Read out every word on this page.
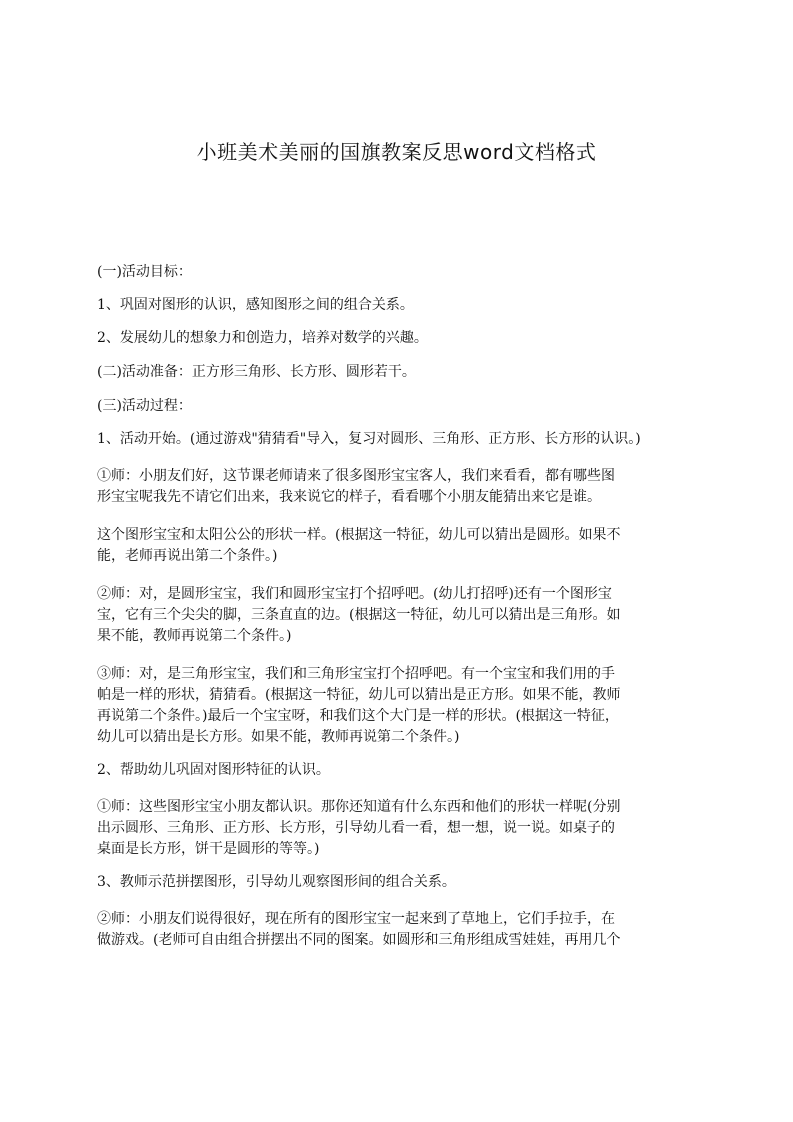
小班美术美丽的国旗教案反思word文档格式

(一)活动目标：

1、巩固对图形的认识，感知图形之间的组合关系。

2、发展幼儿的想象力和创造力，培养对数学的兴趣。

(二)活动准备：正方形三角形、长方形、圆形若干。

(三)活动过程：

1、活动开始。(通过游戏"猜猜看"导入，复习对圆形、三角形、正方形、长方形的认识。)

①师：小朋友们好，这节课老师请来了很多图形宝宝客人，我们来看看，都有哪些图
形宝宝呢我先不请它们出来，我来说它的样子，看看哪个小朋友能猜出来它是谁。

这个图形宝宝和太阳公公的形状一样。(根据这一特征，幼儿可以猜出是圆形。如果不
能，老师再说出第二个条件。)

②师：对，是圆形宝宝，我们和圆形宝宝打个招呼吧。(幼儿打招呼)还有一个图形宝
宝，它有三个尖尖的脚，三条直直的边。(根据这一特征，幼儿可以猜出是三角形。如
果不能，教师再说第二个条件。)

③师：对，是三角形宝宝，我们和三角形宝宝打个招呼吧。有一个宝宝和我们用的手
帕是一样的形状，猜猜看。(根据这一特征，幼儿可以猜出是正方形。如果不能，教师
再说第二个条件。)最后一个宝宝呀，和我们这个大门是一样的形状。(根据这一特征，
幼儿可以猜出是长方形。如果不能，教师再说第二个条件。)

2、帮助幼儿巩固对图形特征的认识。

①师：这些图形宝宝小朋友都认识。那你还知道有什么东西和他们的形状一样呢(分别
出示圆形、三角形、正方形、长方形，引导幼儿看一看，想一想，说一说。如桌子的
桌面是长方形，饼干是圆形的等等。)

3、教师示范拼摆图形，引导幼儿观察图形间的组合关系。

②师：小朋友们说得很好，现在所有的图形宝宝一起来到了草地上，它们手拉手，在
做游戏。(老师可自由组合拼摆出不同的图案。如圆形和三角形组成雪娃娃，再用几个
